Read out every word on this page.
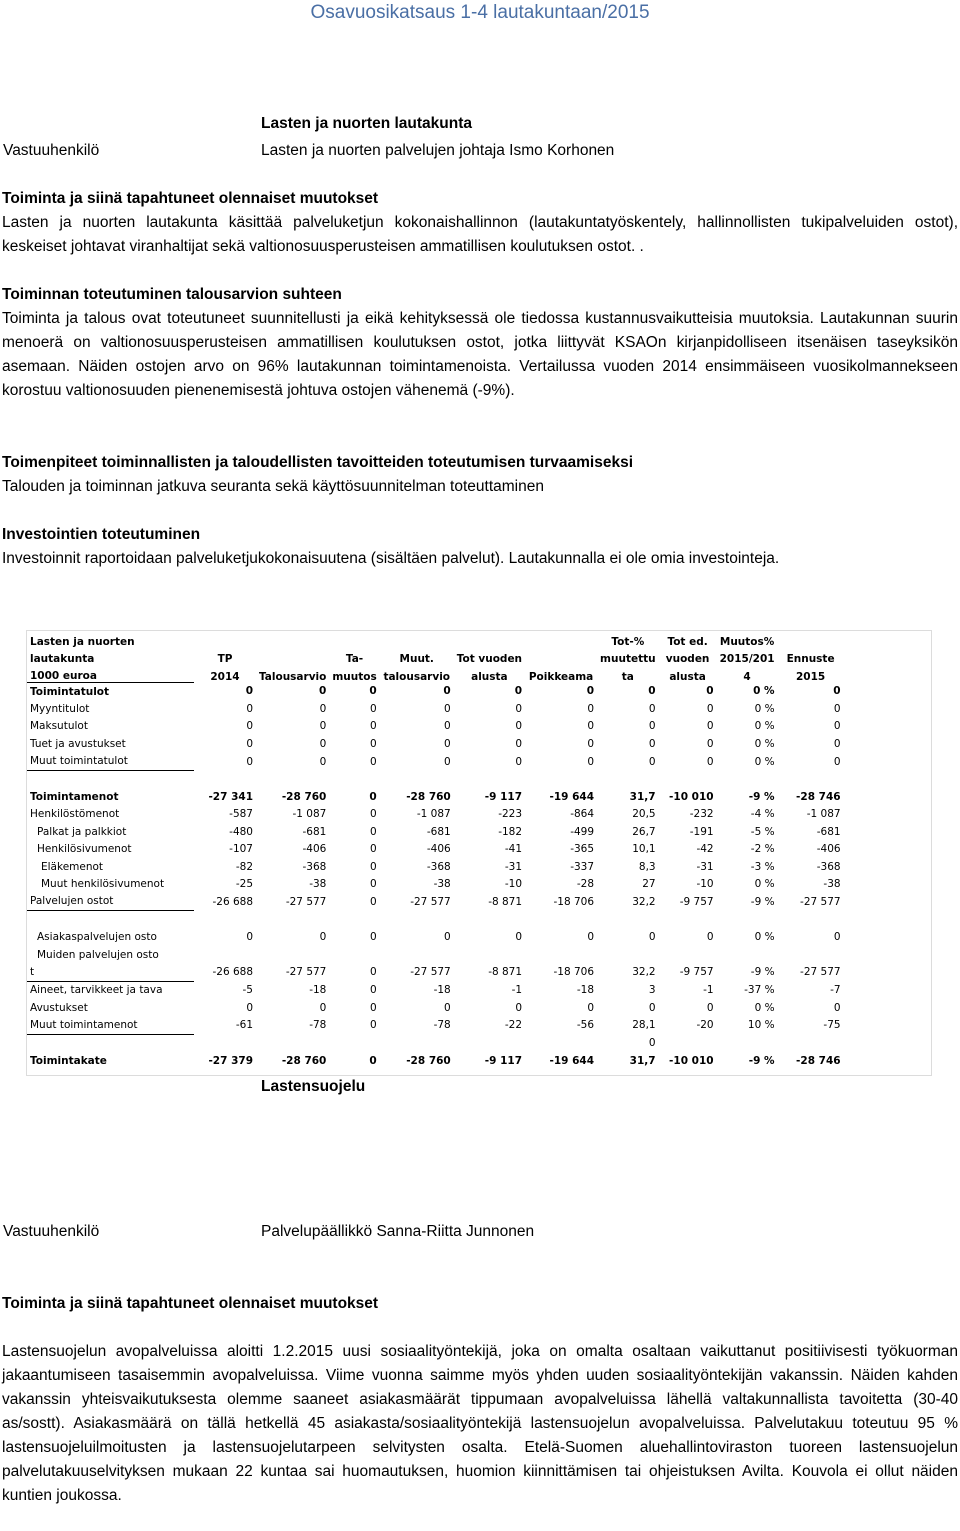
Osavuosikatsaus 1-4 lautakuntaan/2015
Lasten ja nuorten lautakunta
Vastuuhenkilö	Lasten ja nuorten palvelujen johtaja Ismo Korhonen
Toiminta ja siinä tapahtuneet olennaiset muutokset
Lasten ja nuorten lautakunta käsittää palveluketjun kokonaishallinnon (lautakuntatyöskentely, hallinnollisten tukipalveluiden ostot), keskeiset johtavat viranhaltijat sekä valtionosuusperusteisen ammatillisen koulutuksen ostot. .
Toiminnan toteutuminen talousarvion suhteen
Toiminta ja talous ovat toteutuneet suunnitellusti ja eikä kehityksessä ole tiedossa kustannusvaikutteisia muutoksia. Lautakunnan suurin menoerä on valtionosuusperusteisen ammatillisen koulutuksen ostot, jotka liittyvät KSAOn kirjanpidolliseen itsenäisen taseyksikön asemaan. Näiden ostojen arvo on 96% lautakunnan toimintamenoista. Vertailussa vuoden 2014 ensimmäiseen vuosikolmannekseen korostuu valtionosuuden pienenemisestä johtuva ostojen vähenemä (-9%).
Toimenpiteet toiminnallisten ja taloudellisten tavoitteiden toteutumisen turvaamiseksi
Talouden ja toiminnan jatkuva seuranta sekä käyttösuunnitelman toteuttaminen
Investointien toteutuminen
Investoinnit raportoidaan palveluketjukokonaisuutena (sisältäen palvelut). Lautakunnalla ei ole omia investointeja.
Lasten ja nuorten							Tot-%	Tot ed.	Muutos%	
lautakunta	TP		Ta-	Muut.	Tot vuoden		muutettu	vuoden	2015/201	Ennuste
1000 euroa	2014	Talousarvio	muutos	talousarvio	alusta	Poikkeama	ta	alusta	4	2015
Toimintatulot	0	0	0	0	0	0	0	0	0 %	0
Myyntitulot	0	0	0	0	0	0	0	0	0 %	0
Maksutulot	0	0	0	0	0	0	0	0	0 %	0
Tuet ja avustukset	0	0	0	0	0	0	0	0	0 %	0
Muut toimintatulot	0	0	0	0	0	0	0	0	0 %	0

Toimintamenot	-27 341	-28 760	0	-28 760	-9 117	-19 644	31,7	-10 010	-9 %	-28 746
Henkilöstömenot	-587	-1 087	0	-1 087	-223	-864	20,5	-232	-4 %	-1 087
Palkat ja palkkiot	-480	-681	0	-681	-182	-499	26,7	-191	-5 %	-681
Henkilösivumenot	-107	-406	0	-406	-41	-365	10,1	-42	-2 %	-406
Eläkemenot	-82	-368	0	-368	-31	-337	8,3	-31	-3 %	-368
Muut henkilösivumenot	-25	-38	0	-38	-10	-28	27	-10	0 %	-38
Palvelujen ostot	-26 688	-27 577	0	-27 577	-8 871	-18 706	32,2	-9 757	-9 %	-27 577

Asiakaspalvelujen osto	0	0	0	0	0	0	0	0	0 %	0
Muiden palvelujen osto										
t	-26 688	-27 577	0	-27 577	-8 871	-18 706	32,2	-9 757	-9 %	-27 577
Aineet, tarvikkeet ja tava	-5	-18	0	-18	-1	-18	3	-1	-37 %	-7
Avustukset	0	0	0	0	0	0	0	0	0 %	0
Muut toimintamenot	-61	-78	0	-78	-22	-56	28,1	-20	10 %	-75
							0			
Toimintakate	-27 379	-28 760	0	-28 760	-9 117	-19 644	31,7	-10 010	-9 %	-28 746
Lastensuojelu
Vastuuhenkilö	Palvelupäällikkö Sanna-Riitta Junnonen
Toiminta ja siinä tapahtuneet olennaiset muutokset
Lastensuojelun avopalveluissa aloitti 1.2.2015 uusi sosiaalityöntekijä, joka on omalta osaltaan vaikuttanut positiivisesti työkuorman jakaantumiseen tasaisemmin avopalveluissa. Viime vuonna saimme myös yhden uuden sosiaalityöntekijän vakanssin. Näiden kahden vakanssin yhteisvaikutuksesta olemme saaneet asiakasmäärät tippumaan avopalveluissa lähellä valtakunnallista tavoitetta (30-40 as/sostt). Asiakasmäärä on tällä hetkellä 45 asiakasta/sosiaalityöntekijä lastensuojelun avopalveluissa. Palvelutakuu toteutuu 95 % lastensuojeluilmoitusten ja lastensuojelutarpeen selvitysten osalta. Etelä-Suomen aluehallintoviraston tuoreen lastensuojelun palvelutakuuselvityksen mukaan 22 kuntaa sai huomautuksen, huomion kiinnittämisen tai ohjeistuksen Avilta. Kouvola ei ollut näiden kuntien joukossa.
